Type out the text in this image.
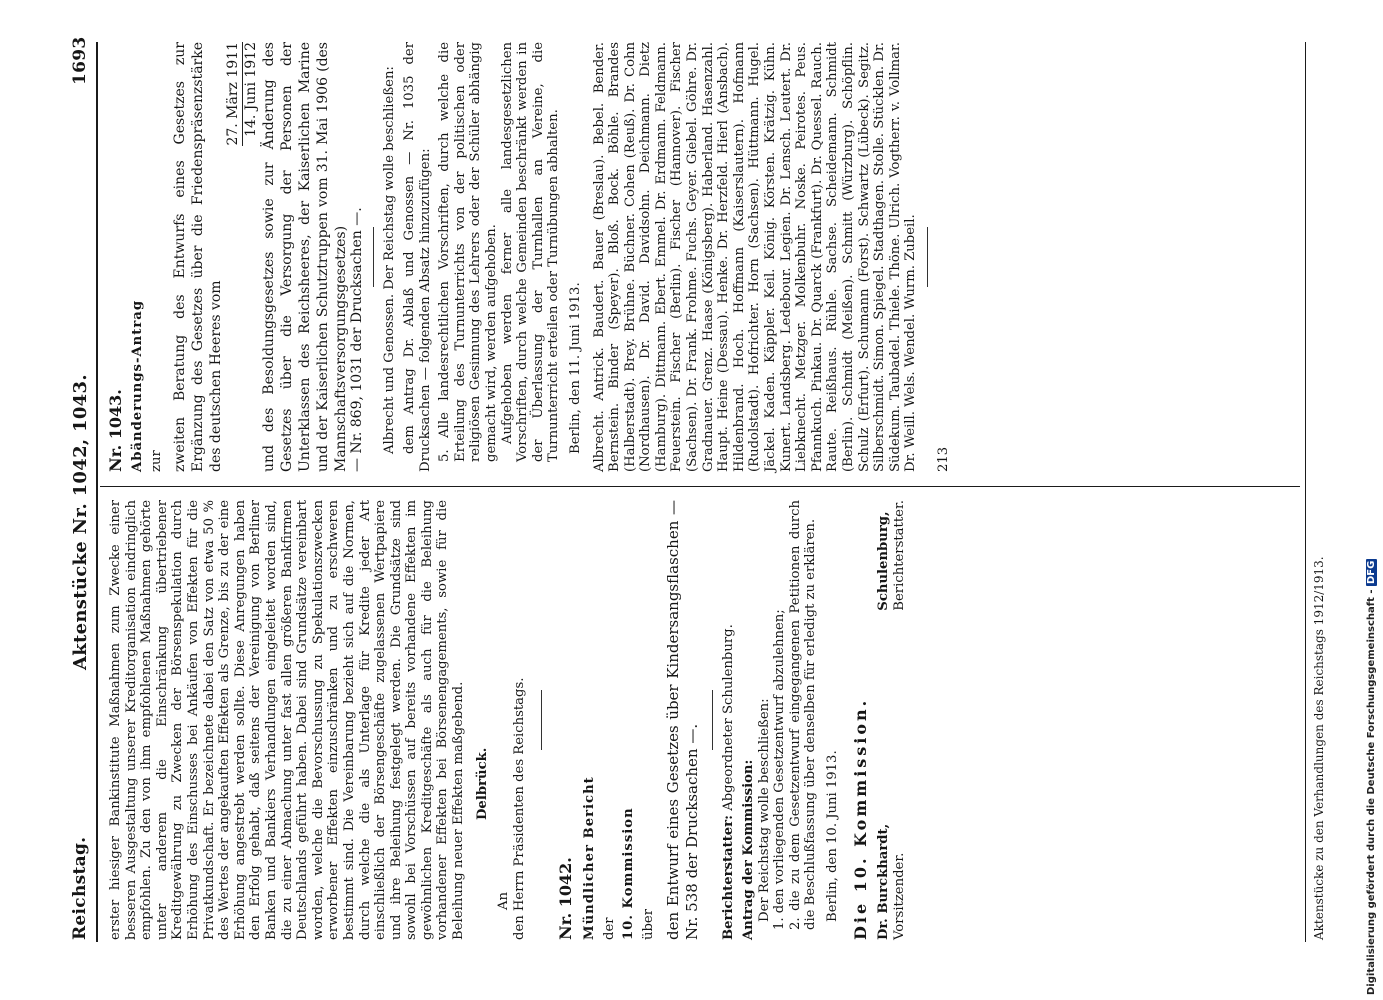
Reichstag.
Aktenstücke Nr. 1042, 1043.
1693

erster hiesiger Bankinstitute Maßnahmen zum Zwecke einer besseren Ausgestaltung unserer Kreditorganisation eindringlich empfohlen. Zu den von ihm empfohlenen Maßnahmen gehörte unter anderem die Einschränkung übertriebener Kreditgewährung zu Zwecken der Börsenspekulation durch Erhöhung des Einschusses bei Ankäufen von Effekten für die Privatkundschaft. Er bezeichnete dabei den Satz von etwa 50 % des Wertes der angekauften Effekten als Grenze, bis zu der eine Erhöhung angestrebt werden sollte. Diese Anregungen haben den Erfolg gehabt, daß seitens der Vereinigung von Berliner Banken und Bankiers Verhandlungen eingeleitet worden sind, die zu einer Abmachung unter fast allen größeren Bankfirmen Deutschlands geführt haben. Dabei sind Grundsätze vereinbart worden, welche die Bevorschussung zu Spekulationszwecken erworbener Effekten einzuschränken und zu erschweren bestimmt sind. Die Vereinbarung bezieht sich auf die Normen, durch welche die als Unterlage für Kredite jeder Art einschließlich der Börsengeschäfte zugelassenen Wertpapiere und ihre Beleihung festgelegt werden. Die Grundsätze sind sowohl bei Vorschüssen auf bereits vorhandene Effekten im gewöhnlichen Kreditgeschäfte als auch für die Beleihung vorhandener Effekten bei Börsenengagements, sowie für die Beleihung neuer Effekten maßgebend. Delbrück.

An den Herrn Präsidenten des Reichstags. Nr. 1042. Mündlicher Bericht der 10. Kommission über den Entwurf eines Gesetzes über Kindersangsflaschen — Nr. 538 der Drucksachen —. Berichterstatter: Abgeordneter Schulenburg.

Antrag der Kommission: Der Reichstag wolle beschließen: 1. den vorliegenden Gesetzentwurf abzulehnen; 2. die zu dem Gesetzentwurf eingegangenen Petitionen durch die Beschlußfassung über denselben für erledigt zu erklären. Berlin, den 10. Juni 1913. Die 10. Kommission. Dr. Burckhardt, Vorsitzender.

Schulenburg, Berichterstatter.

Nr. 1043. Abänderungs-Antrag zur zweiten Beratung des Entwurfs eines Gesetzes zur Ergänzung des Gesetzes über die Friedenspräsenzstärke des deutschen Heeres vom

27. März 1911 14. Juni 1912 und des Besoldungsgesetzes sowie zur Änderung des Gesetzes über die Versorgung der Personen der Unterklassen des Reichsheeres, der Kaiserlichen Marine und der Kaiserlichen Schutztruppen vom 31. Mai 1906 (des Mannschaftsversorgungsgesetzes) — Nr. 869, 1031 der Drucksachen —. Albrecht und Genossen. Der Reichstag wolle beschließen: dem Antrag Dr. Ablaß und Genossen — Nr. 1035 der Drucksachen — folgenden Absatz hinzuzufügen: 5. Alle landesrechtlichen Vorschriften, durch welche die Erteilung des Turnunterrichts von der politischen oder religiösen Gesinnung des Lehrers oder der Schüler abhängig gemacht wird, werden aufgehoben. Aufgehoben werden ferner alle landesgesetzlichen Vorschriften, durch welche Gemeinden beschränkt werden in der Überlassung der Turnhallen an Vereine, die Turnunterricht erteilen oder Turnübungen abhalten. Berlin, den 11. Juni 1913. Albrecht. Antrick. Baudert. Bauer (Breslau). Bebel. Bender. Bernstein. Binder (Speyer). Bloß. Bock. Böhle. Brandes (Halberstadt). Brey. Brühne. Büchner. Cohen (Reuß). Dr. Cohn (Nordhausen). Dr. David. Davidsohn. Deichmann. Dietz (Hamburg). Dittmann. Ebert. Emmel. Dr. Erdmann. Feldmann. Feuerstein. Fischer (Berlin). Fischer (Hannover). Fischer (Sachsen). Dr. Frank. Frohme. Fuchs. Geyer. Giebel. Göhre. Dr. Gradnauer. Grenz. Haase (Königsberg). Haberland. Hasenzahl. Haupt. Heine (Dessau). Henke. Dr. Herzfeld. Hierl (Ansbach). Hildenbrand. Hoch. Hoffmann (Kaiserslautern). Hofmann (Rudolstadt). Hofrichter. Horn (Sachsen). Hüttmann. Hugel. Jäckel. Kaden. Käppler. Keil. König. Körsten. Krätzig. Kühn. Kunert. Landsberg. Ledebour. Legien. Dr. Lensch. Leutert. Dr. Liebknecht. Metzger. Molkenbuhr. Noske. Peirotes. Peus. Pfannkuch. Pinkau. Dr. Quarck (Frankfurt). Dr. Quessel. Rauch. Raute. Reißhaus. Rühle. Sachse. Scheidemann. Schmidt (Berlin). Schmidt (Meißen). Schmitt (Würzburg). Schöpflin. Schulz (Erfurt). Schumann (Forst). Schwartz (Lübeck). Segitz. Silberschmidt. Simon. Spiegel. Stadthagen. Stolle. Stücklen. Dr. Südekum. Taubadel. Thiele. Thöne. Ulrich. Vogtherr. v. Vollmar. Dr. Weill. Wels. Wendel. Wurm. Zubeil. 213

Aktenstücke zu den Verhandlungen des Reichstags 1912/1913.	Digitalisierung gefördert durch die Deutsche Forschungsgemeinschaft - DFG
